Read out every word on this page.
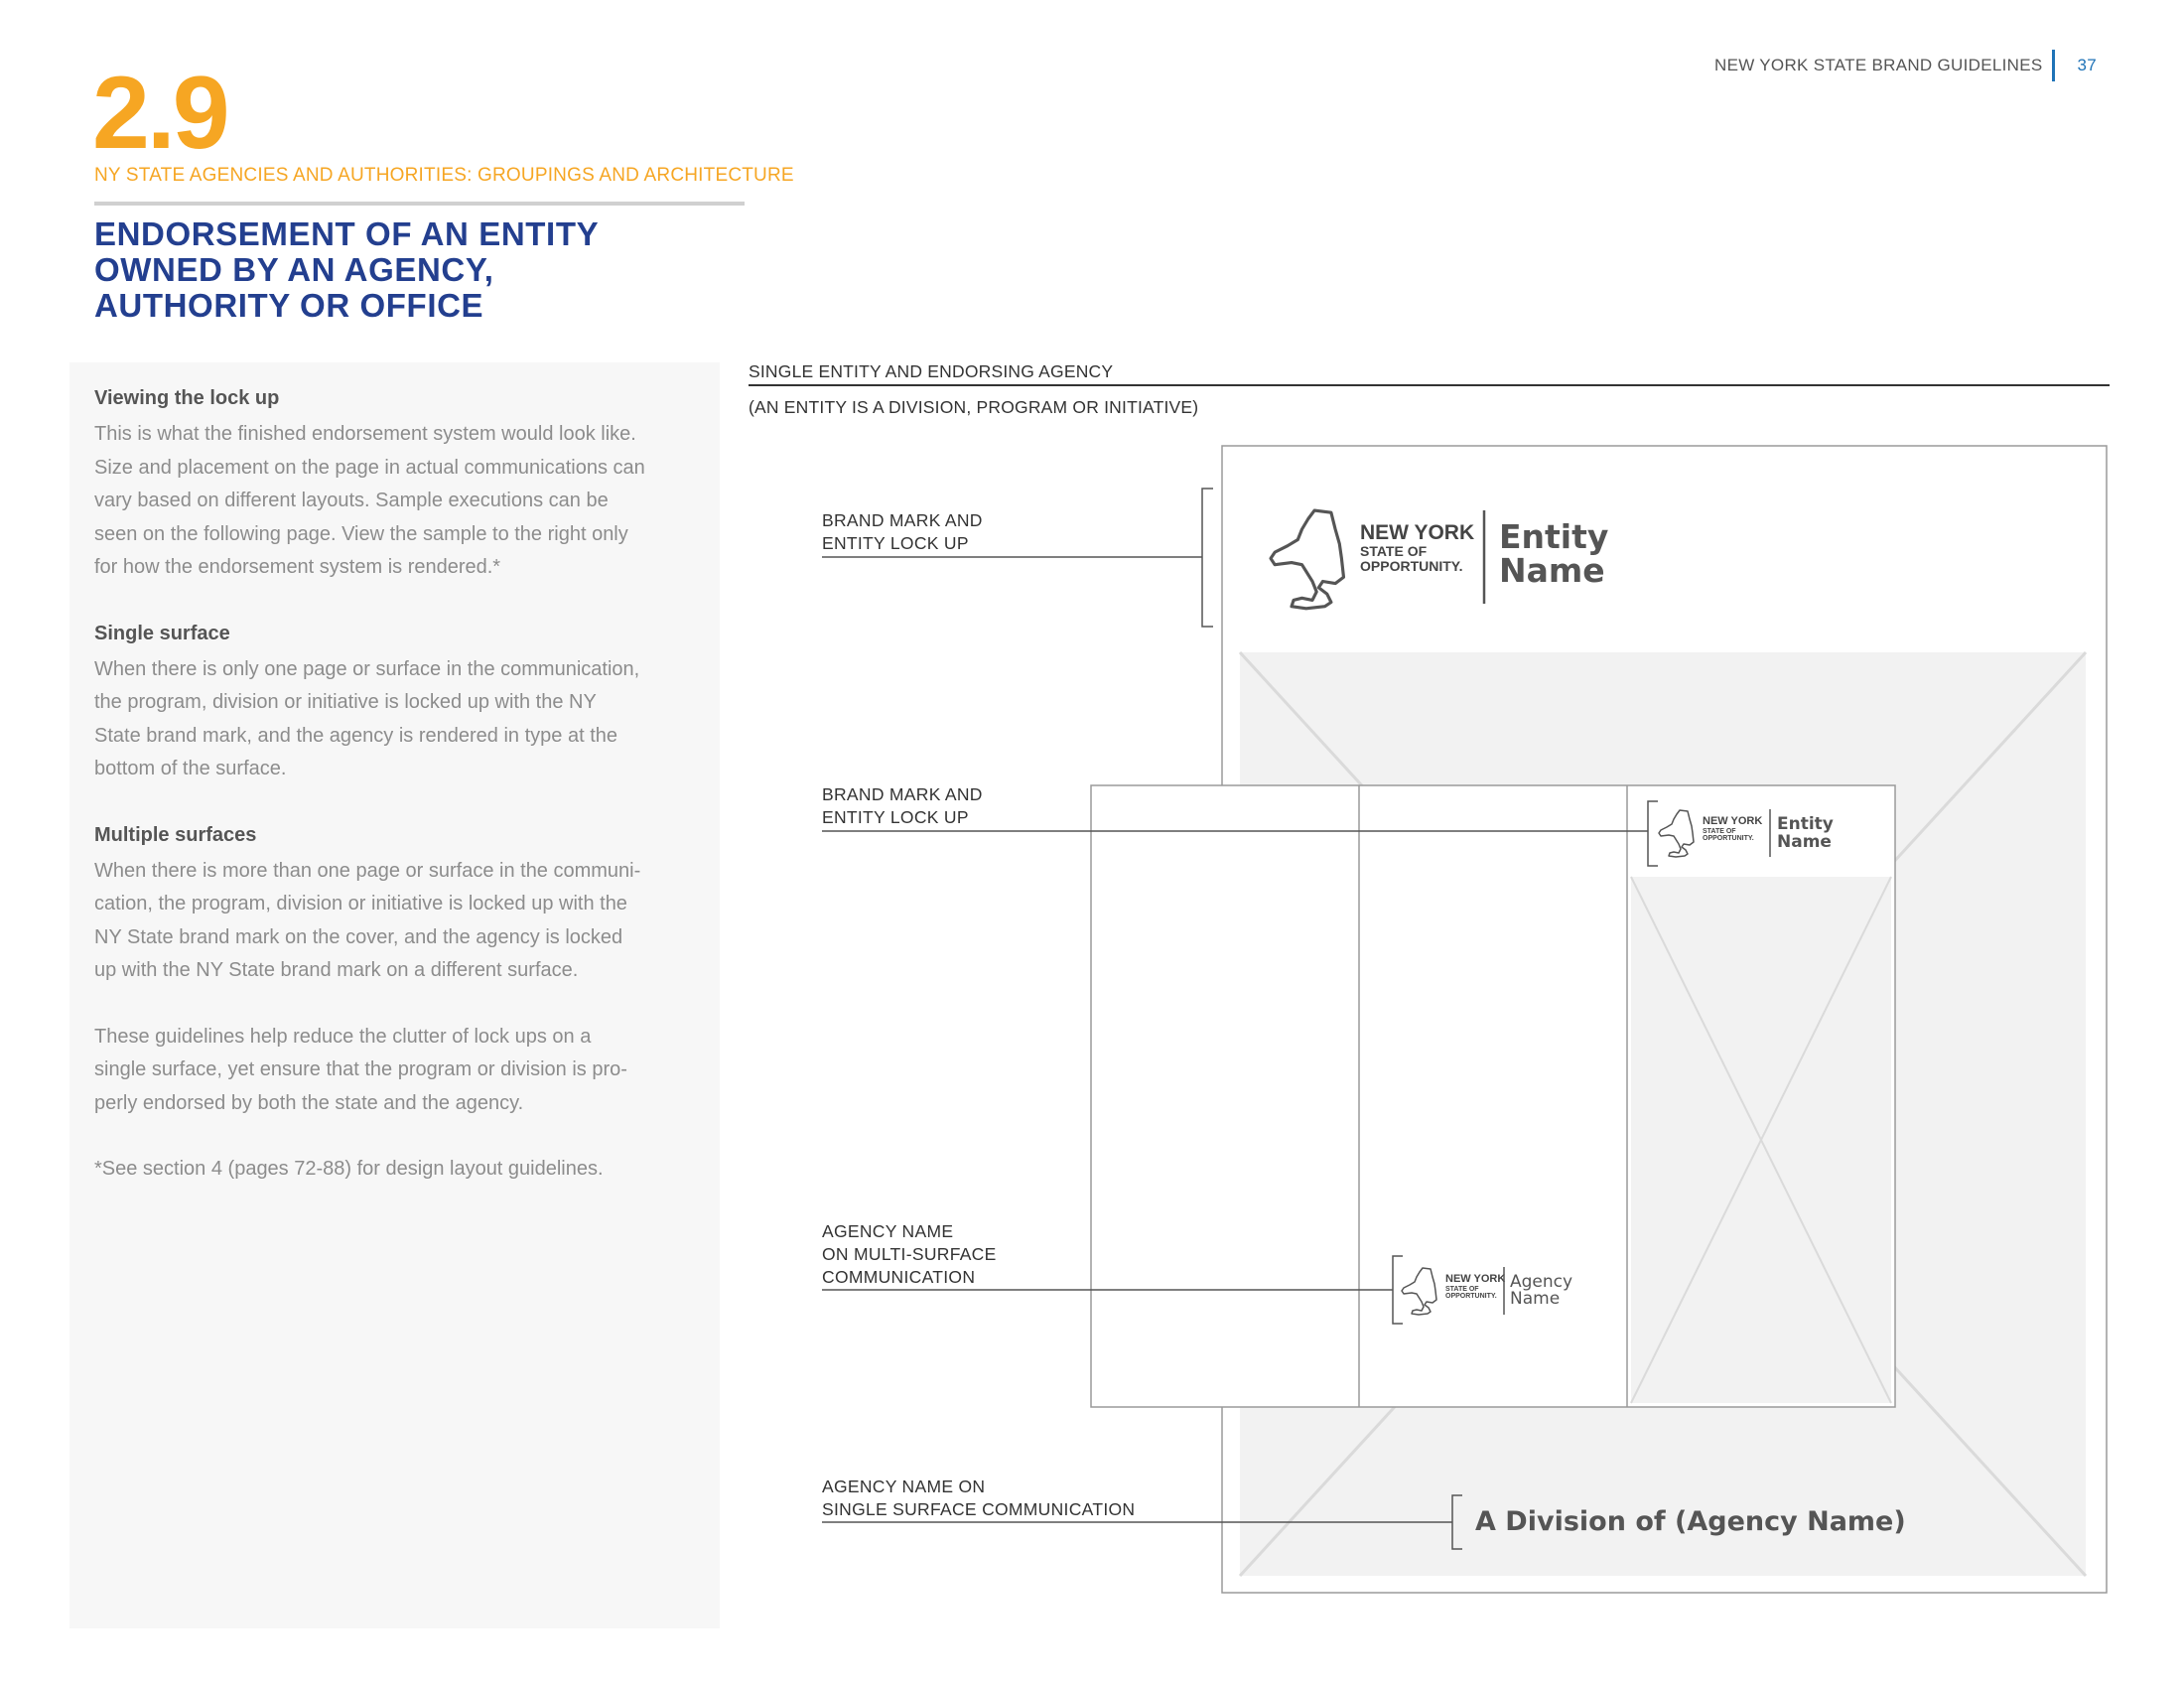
NEW YORK STATE BRAND GUIDELINES 37
2.9
NY STATE AGENCIES AND AUTHORITIES: GROUPINGS AND ARCHITECTURE
ENDORSEMENT OF AN ENTITY
OWNED BY AN AGENCY,
AUTHORITY OR OFFICE

Viewing the lock up

This is what the finished endorsement system would look like.
Size and placement on the page in actual communications can
vary based on different layouts. Sample executions can be
seen on the following page. View the sample to the right only
for how the endorsement system is rendered.*

Single surface

When there is only one page or surface in the communication,
the program, division or initiative is locked up with the NY
State brand mark, and the agency is rendered in type at the
bottom of the surface.

Multiple surfaces

When there is more than one page or surface in the communi-
cation, the program, division or initiative is locked up with the
NY State brand mark on the cover, and the agency is locked
up with the NY State brand mark on a different surface.

These guidelines help reduce the clutter of lock ups on a
single surface, yet ensure that the program or division is pro-
perly endorsed by both the state and the agency.

*See section 4 (pages 72-88) for design layout guidelines.

SINGLE ENTITY AND ENDORSING AGENCY
(AN ENTITY IS A DIVISION, PROGRAM OR INITIATIVE)
NEW YORK
STATE OF
OPPORTUNITY.
Entity
Name
NEW YORK
STATE OF
OPPORTUNITY.
Entity
Name
NEW YORK
STATE OF
OPPORTUNITY.
Agency
Name
A Division of (Agency Name)
BRAND MARK AND
ENTITY LOCK UP
BRAND MARK AND
ENTITY LOCK UP
AGENCY NAME
ON MULTI-SURFACE
COMMUNICATION
AGENCY NAME ON
SINGLE SURFACE COMMUNICATION
